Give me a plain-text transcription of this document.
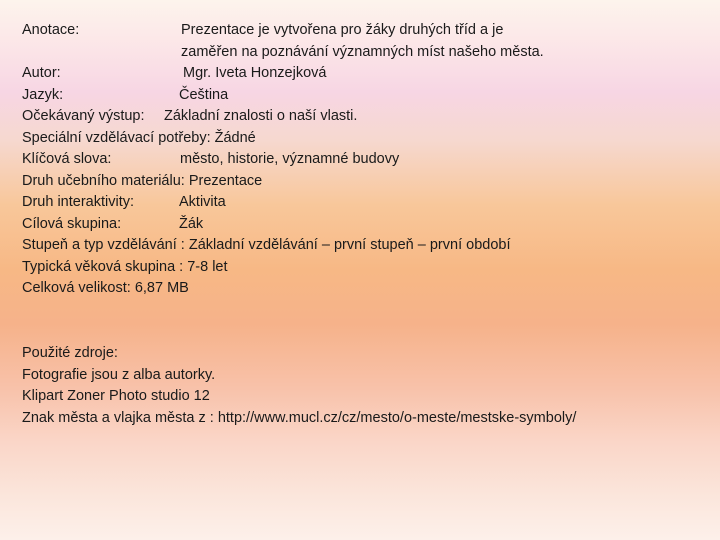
Anotace:	Prezentace je vytvořena pro žáky druhých tříd a je
zaměřen na poznávání významných míst našeho města.
Autor:	Mgr. Iveta Honzejková
Jazyk:	Čeština
Očekávaný výstup: Základní znalosti o naší vlasti.
Speciální vzdělávací potřeby: Žádné
Klíčová slova:	město, historie, významné budovy
Druh učebního materiálu: Prezentace
Druh interaktivity:	Aktivita
Cílová skupina:	Žák
Stupeň a typ vzdělávání : Základní vzdělávání – první stupeň – první období
Typická věková skupina : 7-8 let
Celková velikost: 6,87 MB
Použité zdroje:
Fotografie jsou z alba autorky.
Klipart Zoner Photo studio 12
Znak města a vlajka města z : http://www.mucl.cz/cz/mesto/o-meste/mestske-symboly/
